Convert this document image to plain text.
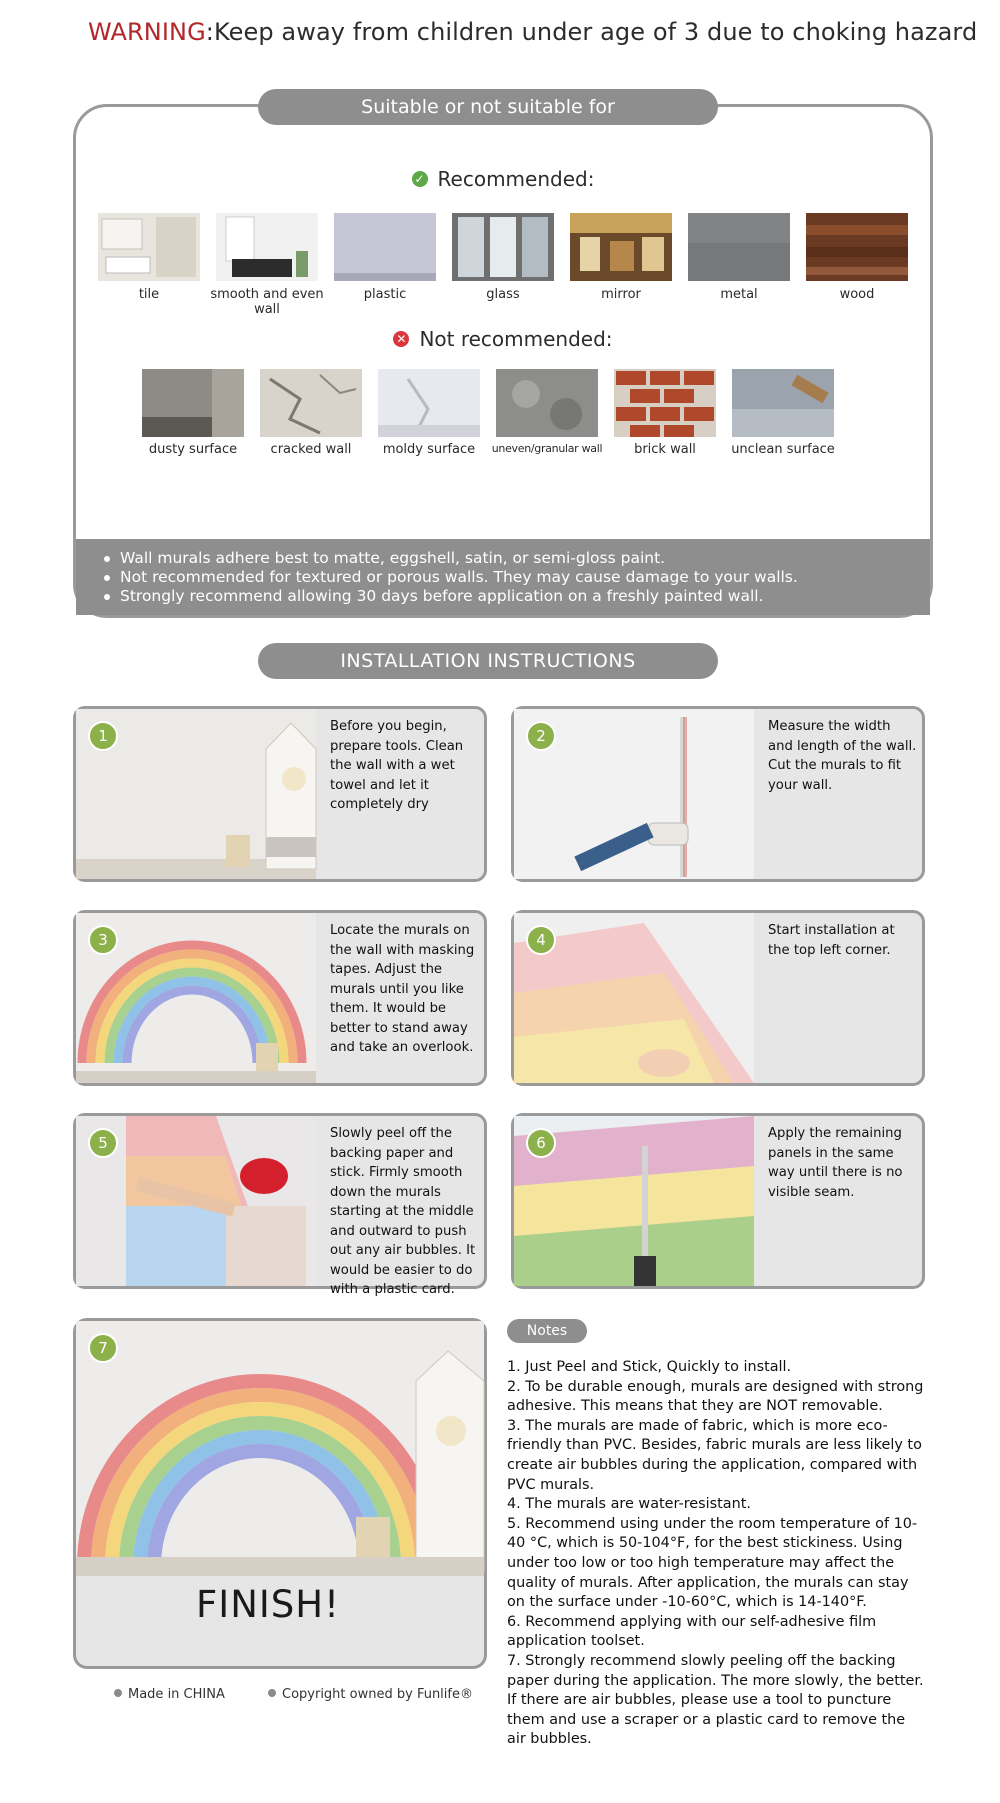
WARNING:Keep away from children under age of 3 due to choking hazard
✓ Recommended:
tile	smooth and even wall
plastic	glass	mirror	metal	wood
✕ Not recommended:
dusty surface	cracked wall	moldy surface	uneven/granular wall	brick wall	unclean surface
Wall murals adhere best to matte, eggshell, satin, or semi-gloss paint.
Not recommended for textured or porous walls. They may cause damage to your walls.
Strongly recommend allowing 30 days before application on a freshly painted wall.
Suitable or not suitable for
INSTALLATION INSTRUCTIONS
1
Before you begin, prepare tools. Clean the wall with a wet towel and let it completely dry
2
Measure the width and length of the wall. Cut the murals to fit your wall.
3
Locate the murals on the wall with masking tapes. Adjust the murals until you like them. It would be better to stand away and take an overlook.
4
Start installation at the top left corner.
5
Slowly peel off the backing paper and stick. Firmly smooth down the murals starting at the middle and outward to push out any air bubbles. It would be easier to do with a plastic card.
6
Apply the remaining panels in the same way until there is no visible seam.
7
FINISH!
Notes
1. Just Peel and Stick, Quickly to install.
2. To be durable enough, murals are designed with strong adhesive. This means that they are NOT removable.
3. The murals are made of fabric, which is more eco-friendly than PVC. Besides, fabric murals are less likely to create air bubbles during the application, compared with PVC murals.
4. The murals are water-resistant.
5. Recommend using under the room temperature of 10-40 °C, which is 50-104°F, for the best stickiness. Using under too low or too high temperature may affect the quality of murals. After application, the murals can stay on the surface under -10-60°C, which is 14-140°F.
6. Recommend applying with our self-adhesive film application toolset.
7. Strongly recommend slowly peeling off the backing paper during the application. The more slowly, the better. If there are air bubbles, please use a tool to puncture them and use a scraper or a plastic card to remove the air bubbles.
Made in CHINA	Copyright owned by Funlife®
